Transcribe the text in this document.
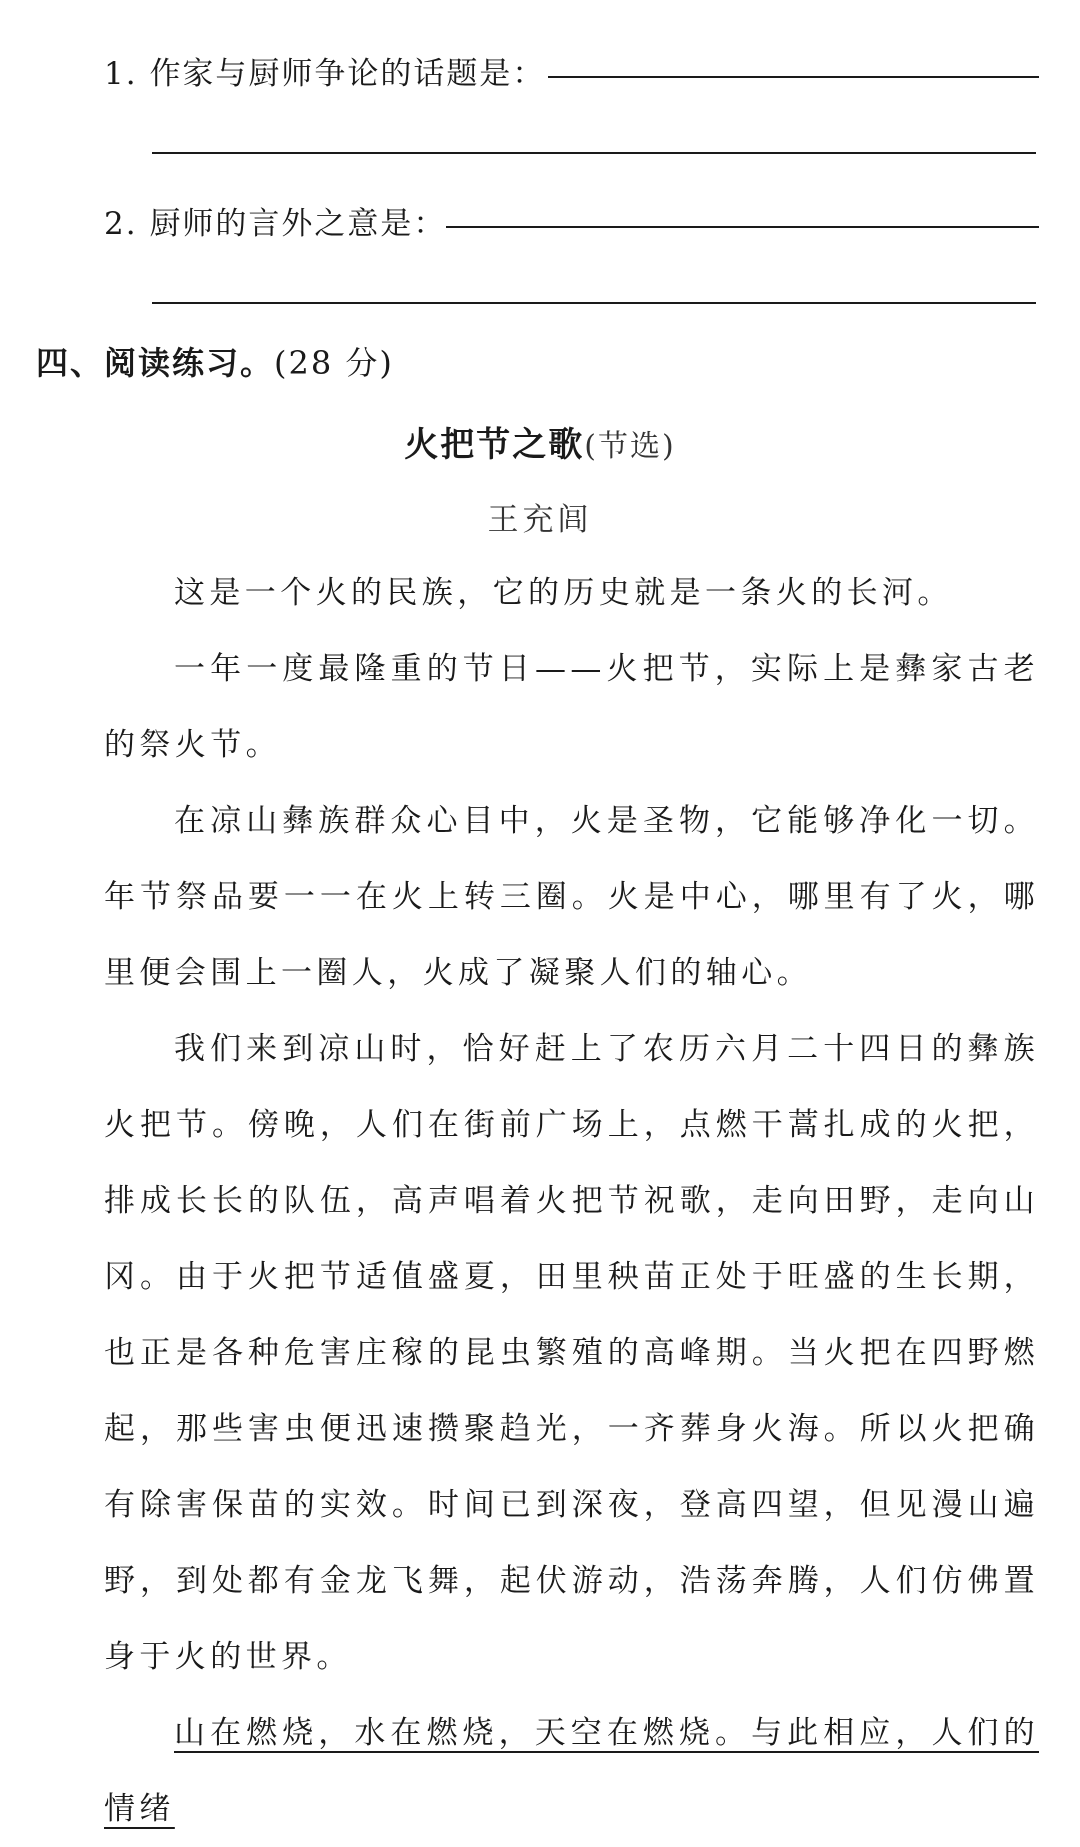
1. 作家与厨师争论的话题是：
2. 厨师的言外之意是：
四、阅读练习。(28 分)
火把节之歌(节选)
王充闾

这是一个火的民族，它的历史就是一条火的长河。

一年一度最隆重的节日——火把节，实际上是彝家古老的祭火节。

在凉山彝族群众心目中，火是圣物，它能够净化一切。年节祭品要一一在火上转三圈。火是中心，哪里有了火，哪里便会围上一圈人，火成了凝聚人们的轴心。

我们来到凉山时，恰好赶上了农历六月二十四日的彝族火把节。傍晚，人们在街前广场上，点燃干蒿扎成的火把，排成长长的队伍，高声唱着火把节祝歌，走向田野，走向山冈。由于火把节适值盛夏，田里秧苗正处于旺盛的生长期，也正是各种危害庄稼的昆虫繁殖的高峰期。当火把在四野燃起，那些害虫便迅速攒聚趋光，一齐葬身火海。所以火把确有除害保苗的实效。时间已到深夜，登高四望，但见漫山遍野，到处都有金龙飞舞，起伏游动，浩荡奔腾，人们仿佛置身于火的世界。

山在燃烧，水在燃烧，天空在燃烧。与此相应，人们的情绪
